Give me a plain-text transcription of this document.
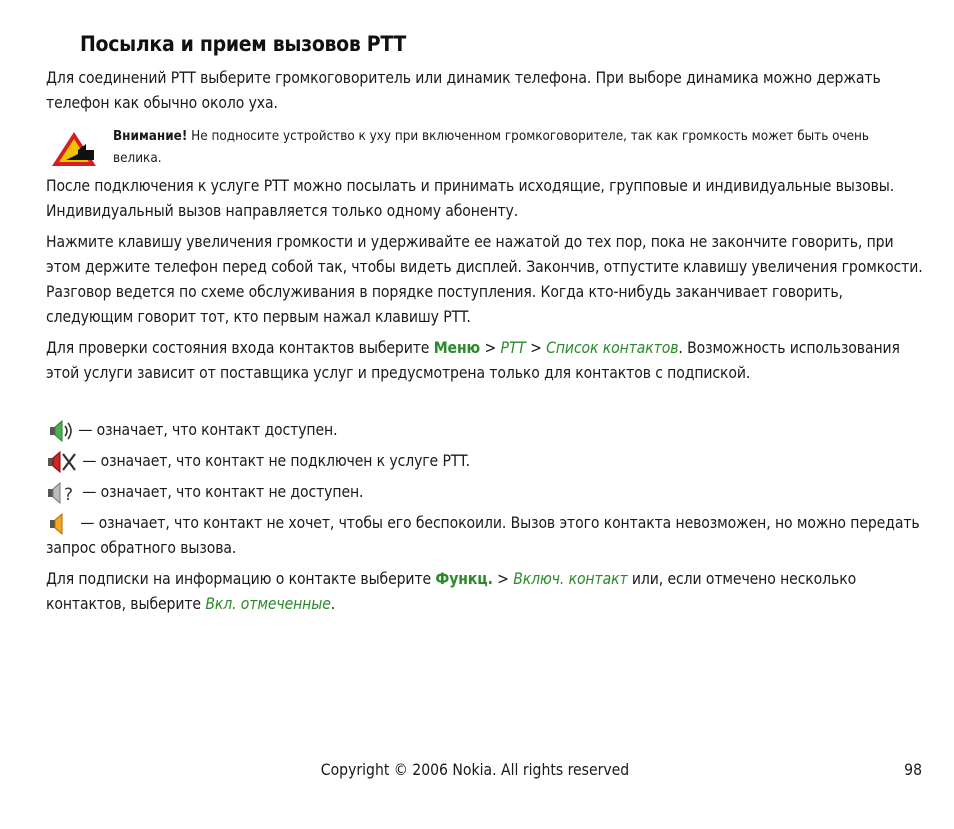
Посылка и прием вызовов PTT

Для соединений PTT выберите громкоговоритель или динамик телефона. При выборе динамика можно держать телефон как обычно около уха.

Внимание! Не подносите устройство к уху при включенном громкоговорителе, так как громкость может быть очень велика.

После подключения к услуге PTT можно посылать и принимать исходящие, групповые и индивидуальные вызовы. Индивидуальный вызов направляется только одному абоненту.

Нажмите клавишу увеличения громкости и удерживайте ее нажатой до тех пор, пока не закончите говорить, при этом держите телефон перед собой так, чтобы видеть дисплей. Закончив, отпустите клавишу увеличения громкости. Разговор ведется по схеме обслуживания в порядке поступления. Когда кто-нибудь заканчивает говорить, следующим говорит тот, кто первым нажал клавишу PTT.

Для проверки состояния входа контактов выберите Меню > PTT > Список контактов. Возможность использования этой услуги зависит от поставщика услуг и предусмотрена только для контактов с подпиской.

— означает, что контакт доступен.

— означает, что контакт не подключен к услуге PTT.

? — означает, что контакт не доступен.

— означает, что контакт не хочет, чтобы его беспокоили. Вызов этого контакта невозможен, но можно передать запрос обратного вызова.

Для подписки на информацию о контакте выберите Функц. > Включ. контакт или, если отмечено несколько контактов, выберите Вкл. отмеченные.

Copyright © 2006 Nokia. All rights reserved	98
